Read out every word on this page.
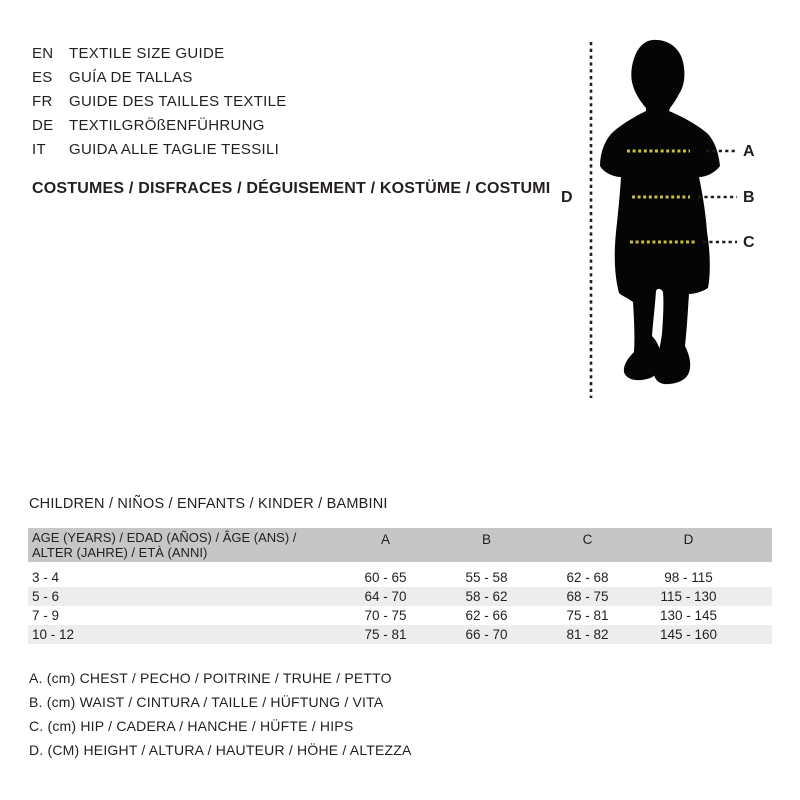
EN	TEXTILE SIZE GUIDE
ES	GUÍA DE TALLAS
FR	GUIDE DES TAILLES TEXTILE
DE	TEXTILGRÖßENFÜHRUNG
IT	GUIDA ALLE TAGLIE TESSILI
COSTUMES / DISFRACES / DÉGUISEMENT / KOSTÜME / COSTUMI
A
B
C
D
CHILDREN / NIÑOS / ENFANTS / KINDER / BAMBINI
AGE (YEARS) / EDAD (AÑOS) / ÂGE (ANS) /
ALTER (JAHRE) / ETÀ (ANNI)
A	B	C	D
3 - 4	60 - 65	55 - 58	62 - 68	98 - 115
5 - 6	64 - 70	58 - 62	68 - 75	115 - 130
7 - 9	70 - 75	62 - 66	75 - 81	130 - 145
10 - 12	75 - 81	66 - 70	81 - 82	145 - 160
A. (cm) CHEST / PECHO / POITRINE / TRUHE / PETTO
B. (cm) WAIST / CINTURA / TAILLE / HÜFTUNG / VITA
C. (cm) HIP / CADERA / HANCHE / HÜFTE / HIPS
D. (CM) HEIGHT / ALTURA / HAUTEUR / HÖHE / ALTEZZA
